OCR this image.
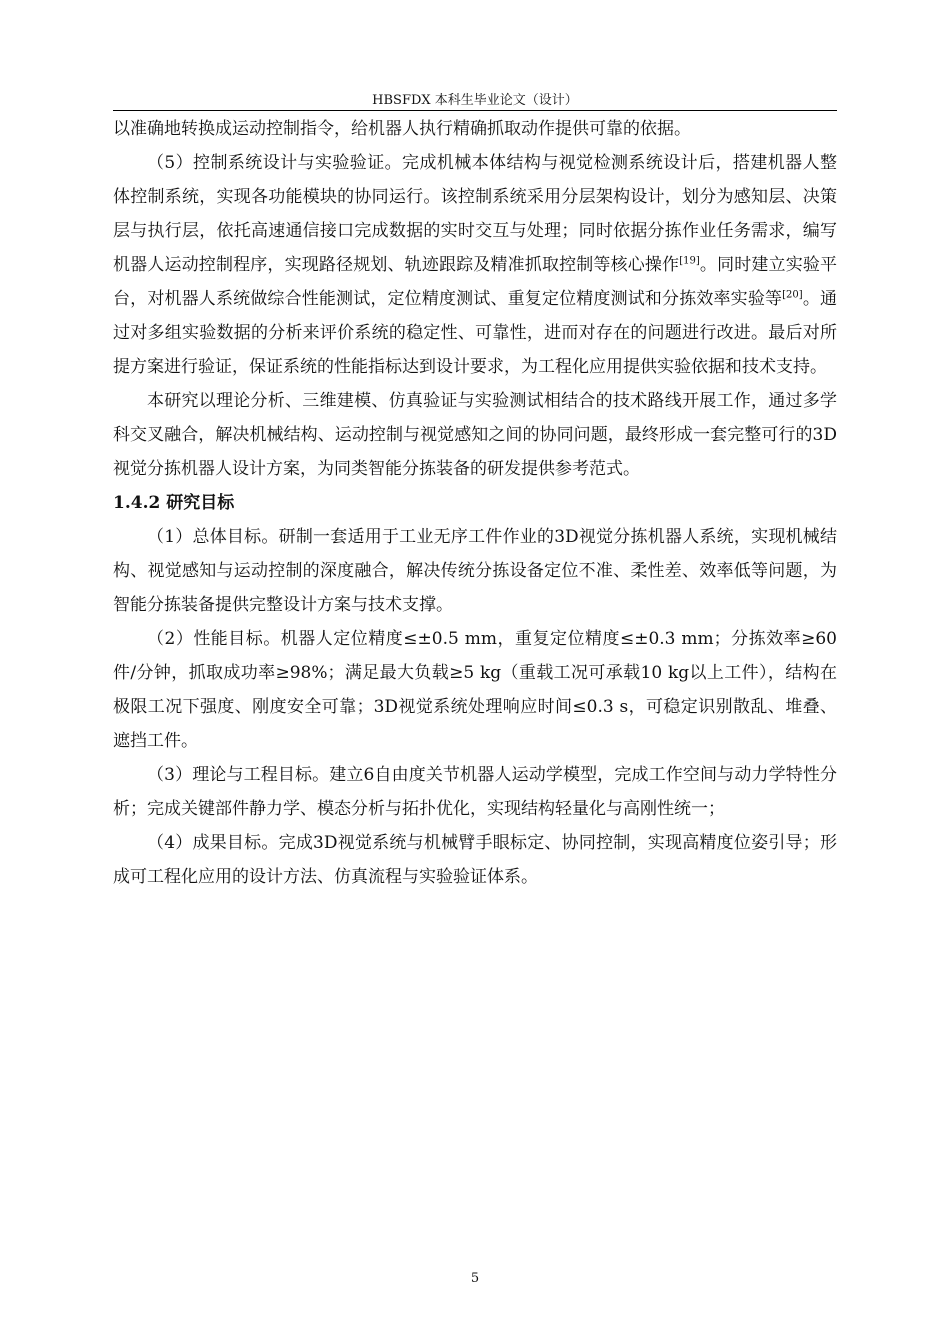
HBSFDX 本科生毕业论文（设计）

以准确地转换成运动控制指令，给机器人执行精确抓取动作提供可靠的依据。

（5）控制系统设计与实验验证。完成机械本体结构与视觉检测系统设计后，搭建机器人整体控制系统，实现各功能模块的协同运行。该控制系统采用分层架构设计，划分为感知层、决策层与执行层，依托高速通信接口完成数据的实时交互与处理；同时依据分拣作业任务需求，编写机器人运动控制程序，实现路径规划、轨迹跟踪及精准抓取控制等核心操作[19]。同时建立实验平台，对机器人系统做综合性能测试，定位精度测试、重复定位精度测试和分拣效率实验等[20]。通过对多组实验数据的分析来评价系统的稳定性、可靠性，进而对存在的问题进行改进。最后对所提方案进行验证，保证系统的性能指标达到设计要求，为工程化应用提供实验依据和技术支持。

本研究以理论分析、三维建模、仿真验证与实验测试相结合的技术路线开展工作，通过多学科交叉融合，解决机械结构、运动控制与视觉感知之间的协同问题，最终形成一套完整可行的3D视觉分拣机器人设计方案，为同类智能分拣装备的研发提供参考范式。

1.4.2 研究目标

（1）总体目标。研制一套适用于工业无序工件作业的3D视觉分拣机器人系统，实现机械结构、视觉感知与运动控制的深度融合，解决传统分拣设备定位不准、柔性差、效率低等问题，为智能分拣装备提供完整设计方案与技术支撑。

（2）性能目标。机器人定位精度≤±0.5 mm，重复定位精度≤±0.3 mm；分拣效率≥60件/分钟，抓取成功率≥98%；满足最大负载≥5 kg（重载工况可承载10 kg以上工件），结构在极限工况下强度、刚度安全可靠；3D视觉系统处理响应时间≤0.3 s，可稳定识别散乱、堆叠、遮挡工件。

（3）理论与工程目标。建立6自由度关节机器人运动学模型，完成工作空间与动力学特性分析；完成关键部件静力学、模态分析与拓扑优化，实现结构轻量化与高刚性统一；

（4）成果目标。完成3D视觉系统与机械臂手眼标定、协同控制，实现高精度位姿引导；形成可工程化应用的设计方法、仿真流程与实验验证体系。

5
